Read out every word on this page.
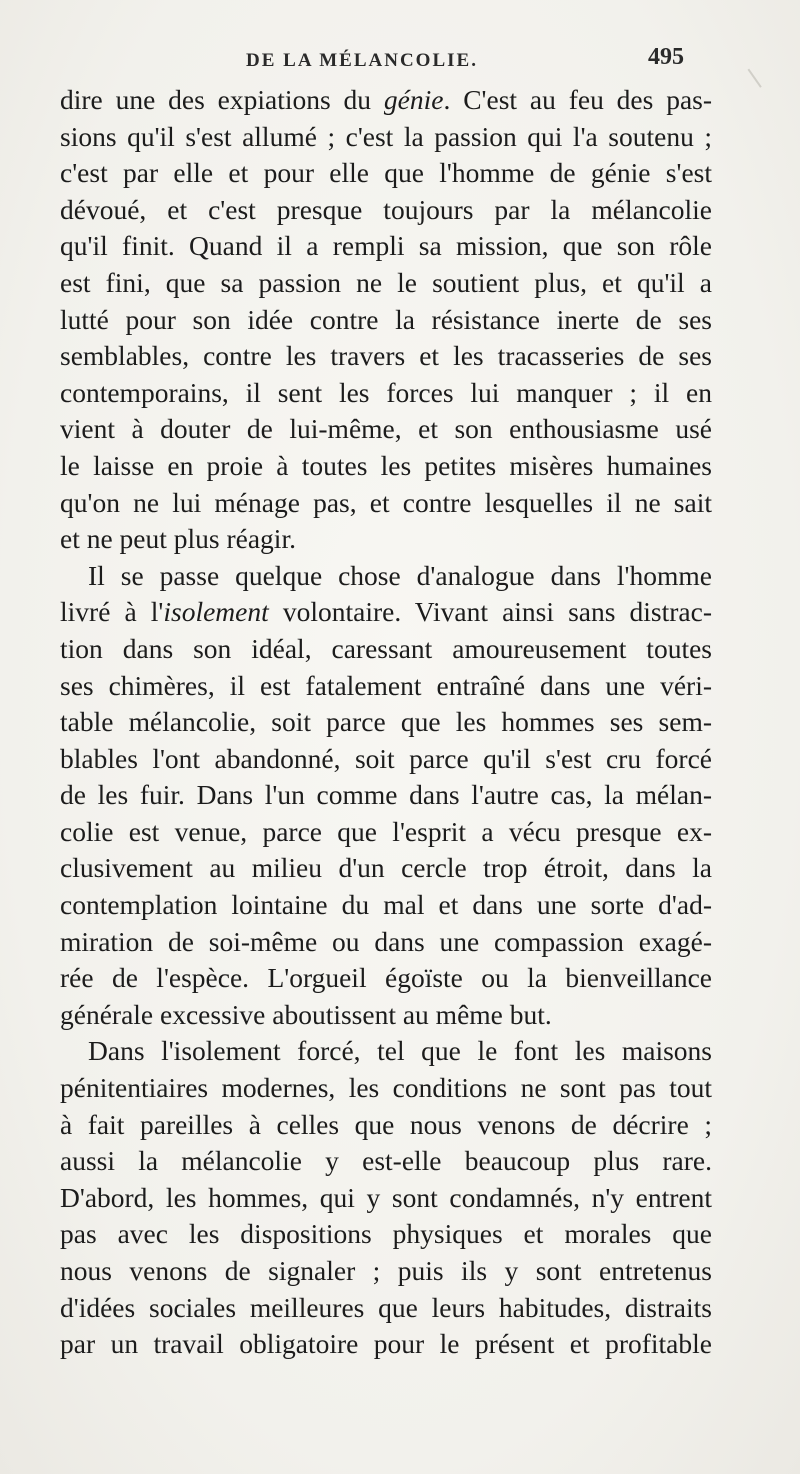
DE LA MÉLANCOLIE.	495
dire une des expiations du génie. C'est au feu des pas-
sions qu'il s'est allumé ; c'est la passion qui l'a soutenu ;
c'est par elle et pour elle que l'homme de génie s'est
dévoué, et c'est presque toujours par la mélancolie
qu'il finit. Quand il a rempli sa mission, que son rôle
est fini, que sa passion ne le soutient plus, et qu'il a
lutté pour son idée contre la résistance inerte de ses
semblables, contre les travers et les tracasseries de ses
contemporains, il sent les forces lui manquer ; il en
vient à douter de lui-même, et son enthousiasme usé
le laisse en proie à toutes les petites misères humaines
qu'on ne lui ménage pas, et contre lesquelles il ne sait
et ne peut plus réagir.
Il se passe quelque chose d'analogue dans l'homme
livré à l'isolement volontaire. Vivant ainsi sans distrac-
tion dans son idéal, caressant amoureusement toutes
ses chimères, il est fatalement entraîné dans une véri-
table mélancolie, soit parce que les hommes ses sem-
blables l'ont abandonné, soit parce qu'il s'est cru forcé
de les fuir. Dans l'un comme dans l'autre cas, la mélan-
colie est venue, parce que l'esprit a vécu presque ex-
clusivement au milieu d'un cercle trop étroit, dans la
contemplation lointaine du mal et dans une sorte d'ad-
miration de soi-même ou dans une compassion exagé-
rée de l'espèce. L'orgueil égoïste ou la bienveillance
générale excessive aboutissent au même but.
Dans l'isolement forcé, tel que le font les maisons
pénitentiaires modernes, les conditions ne sont pas tout
à fait pareilles à celles que nous venons de décrire ;
aussi la mélancolie y est-elle beaucoup plus rare.
D'abord, les hommes, qui y sont condamnés, n'y entrent
pas avec les dispositions physiques et morales que
nous venons de signaler ; puis ils y sont entretenus
d'idées sociales meilleures que leurs habitudes, distraits
par un travail obligatoire pour le présent et profitable
